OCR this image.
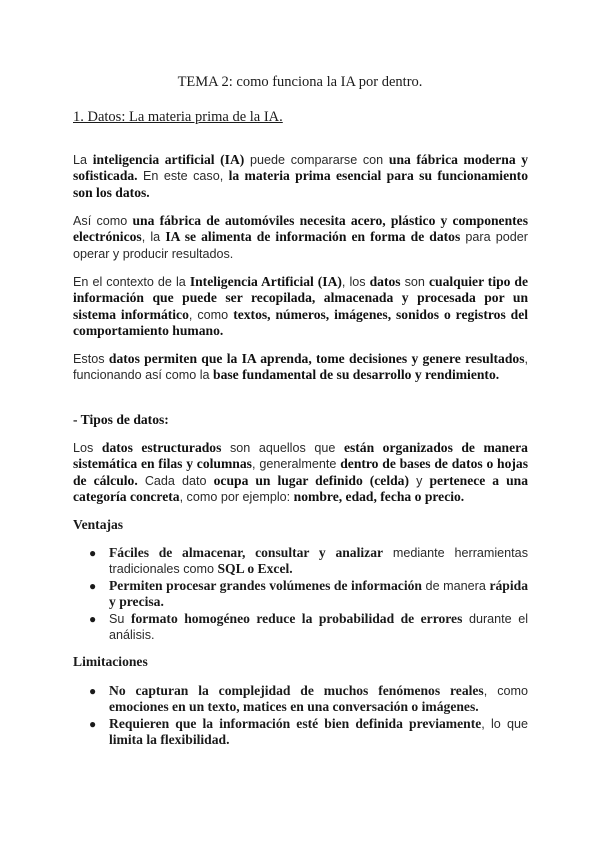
TEMA 2: como funciona la IA por dentro.
1. Datos: La materia prima de la IA.

La inteligencia artificial (IA) puede compararse con una fábrica moderna y sofisticada. En este caso, la materia prima esencial para su funcionamiento son los datos.

Así como una fábrica de automóviles necesita acero, plástico y componentes electrónicos, la IA se alimenta de información en forma de datos para poder operar y producir resultados.

En el contexto de la Inteligencia Artificial (IA), los datos son cualquier tipo de información que puede ser recopilada, almacenada y procesada por un sistema informático, como textos, números, imágenes, sonidos o registros del comportamiento humano.

Estos datos permiten que la IA aprenda, tome decisiones y genere resultados, funcionando así como la base fundamental de su desarrollo y rendimiento.

- Tipos de datos:

Los datos estructurados son aquellos que están organizados de manera sistemática en filas y columnas, generalmente dentro de bases de datos o hojas de cálculo. Cada dato ocupa un lugar definido (celda) y pertenece a una categoría concreta, como por ejemplo: nombre, edad, fecha o precio.

Ventajas
● Fáciles de almacenar, consultar y analizar mediante herramientas tradicionales como SQL o Excel.
● Permiten procesar grandes volúmenes de información de manera rápida y precisa.
● Su formato homogéneo reduce la probabilidad de errores durante el análisis.
Limitaciones
● No capturan la complejidad de muchos fenómenos reales, como emociones en un texto, matices en una conversación o imágenes.
● Requieren que la información esté bien definida previamente, lo que limita la flexibilidad.
